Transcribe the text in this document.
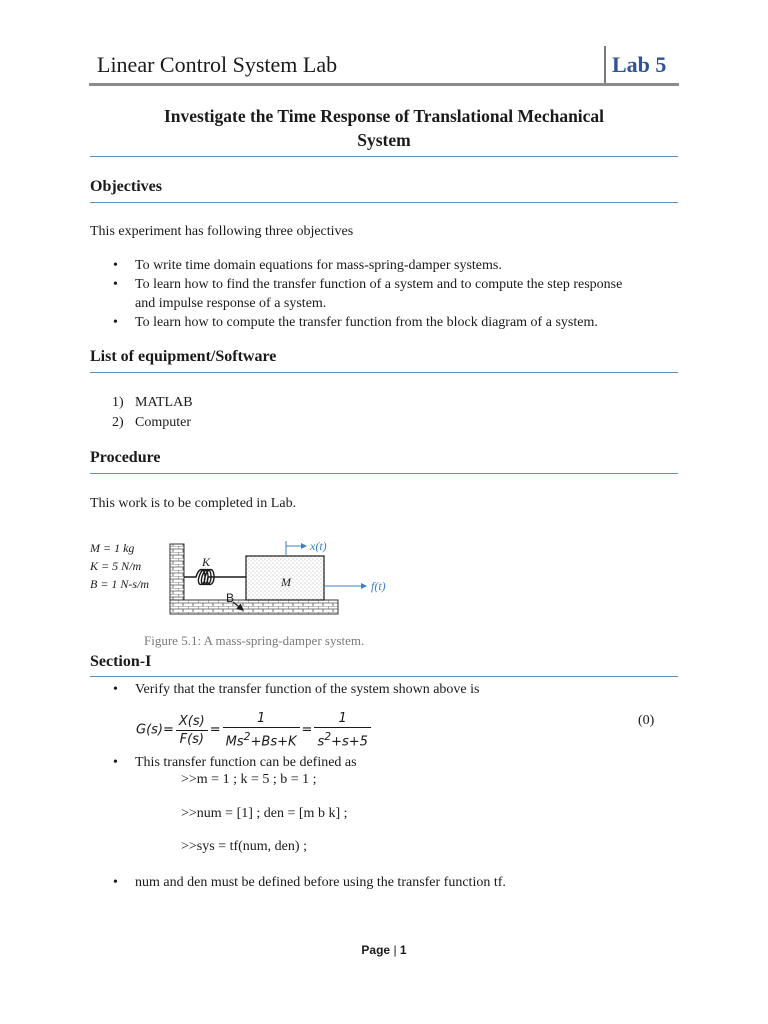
Linear Control System Lab	Lab 5
Investigate the Time Response of Translational Mechanical
System
Objectives
This experiment has following three objectives
• To write time domain equations for mass-spring-damper systems.
• To learn how to find the transfer function of a system and to compute the step response
and impulse response of a system.
• To learn how to compute the transfer function from the block diagram of a system.
List of equipment/Software
1) MATLAB
2) Computer
Procedure
This work is to be completed in Lab.
M = 1 kg
K = 5 N/m
B = 1 N-s/m
K
B
M
x(t)
f(t)
Figure 5.1: A mass-spring-damper system.
Section-I
• Verify that the transfer function of the system shown above is
$G(s)= \frac{X(s)}{F(s)} = \frac{1}{Ms^2+Bs+K} = \frac{1}{s^2+s+5}$	(0)
• This transfer function can be defined as
>>m = 1 ; k = 5 ; b = 1 ;
>>num = [1] ; den = [m b k] ;
>>sys = tf(num, den) ;
• num and den must be defined before using the transfer function tf.
Page | 1
